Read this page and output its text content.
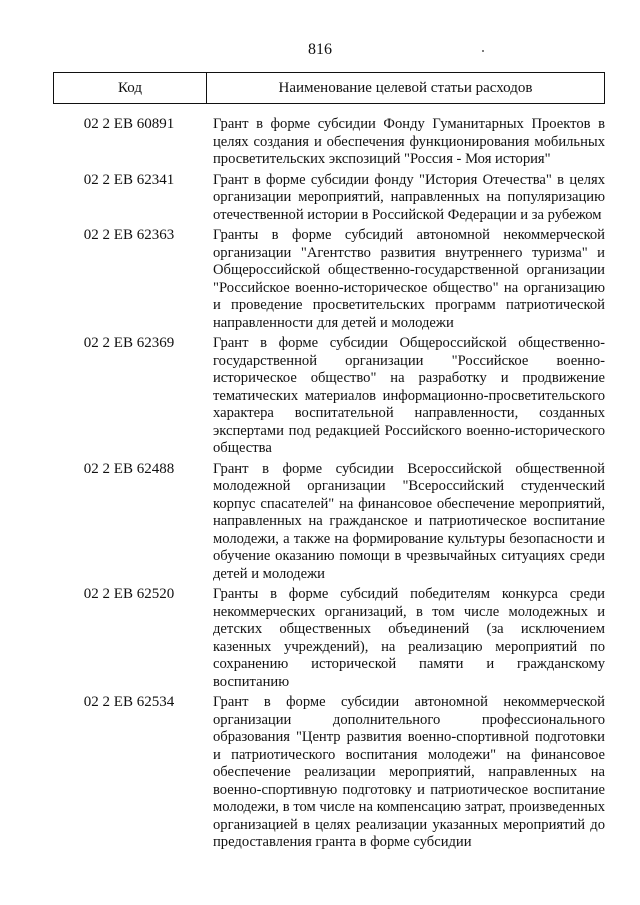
816
Код	Наименование целевой статьи расходов
02 2 EB 60891	Грант в форме субсидии Фонду Гуманитарных Проектов в целях создания и обеспечения функционирования мобильных просветительских экспозиций "Россия - Моя история"
02 2 EB 62341	Грант в форме субсидии фонду "История Отечества" в целях организации мероприятий, направленных на популяризацию отечественной истории в Российской Федерации и за рубежом
02 2 EB 62363	Гранты в форме субсидий автономной некоммерческой организации "Агентство развития внутреннего туризма" и Общероссийской общественно-государственной организации "Российское военно-историческое общество" на организацию и проведение просветительских программ патриотической направленности для детей и молодежи
02 2 EB 62369	Грант в форме субсидии Общероссийской общественно-государственной организации "Российское военно-историческое общество" на разработку и продвижение тематических материалов информационно-просветительского характера воспитательной направленности, созданных экспертами под редакцией Российского военно-исторического общества
02 2 EB 62488	Грант в форме субсидии Всероссийской общественной молодежной организации "Всероссийский студенческий корпус спасателей" на финансовое обеспечение мероприятий, направленных на гражданское и патриотическое воспитание молодежи, а также на формирование культуры безопасности и обучение оказанию помощи в чрезвычайных ситуациях среди детей и молодежи
02 2 EB 62520	Гранты в форме субсидий победителям конкурса среди некоммерческих организаций, в том числе молодежных и детских общественных объединений (за исключением казенных учреждений), на реализацию мероприятий по сохранению исторической памяти и гражданскому воспитанию
02 2 EB 62534	Грант в форме субсидии автономной некоммерческой организации дополнительного профессионального образования "Центр развития военно-спортивной подготовки и патриотического воспитания молодежи" на финансовое обеспечение реализации мероприятий, направленных на военно-спортивную подготовку и патриотическое воспитание молодежи, в том числе на компенсацию затрат, произведенных организацией в целях реализации указанных мероприятий до предоставления гранта в форме субсидии
